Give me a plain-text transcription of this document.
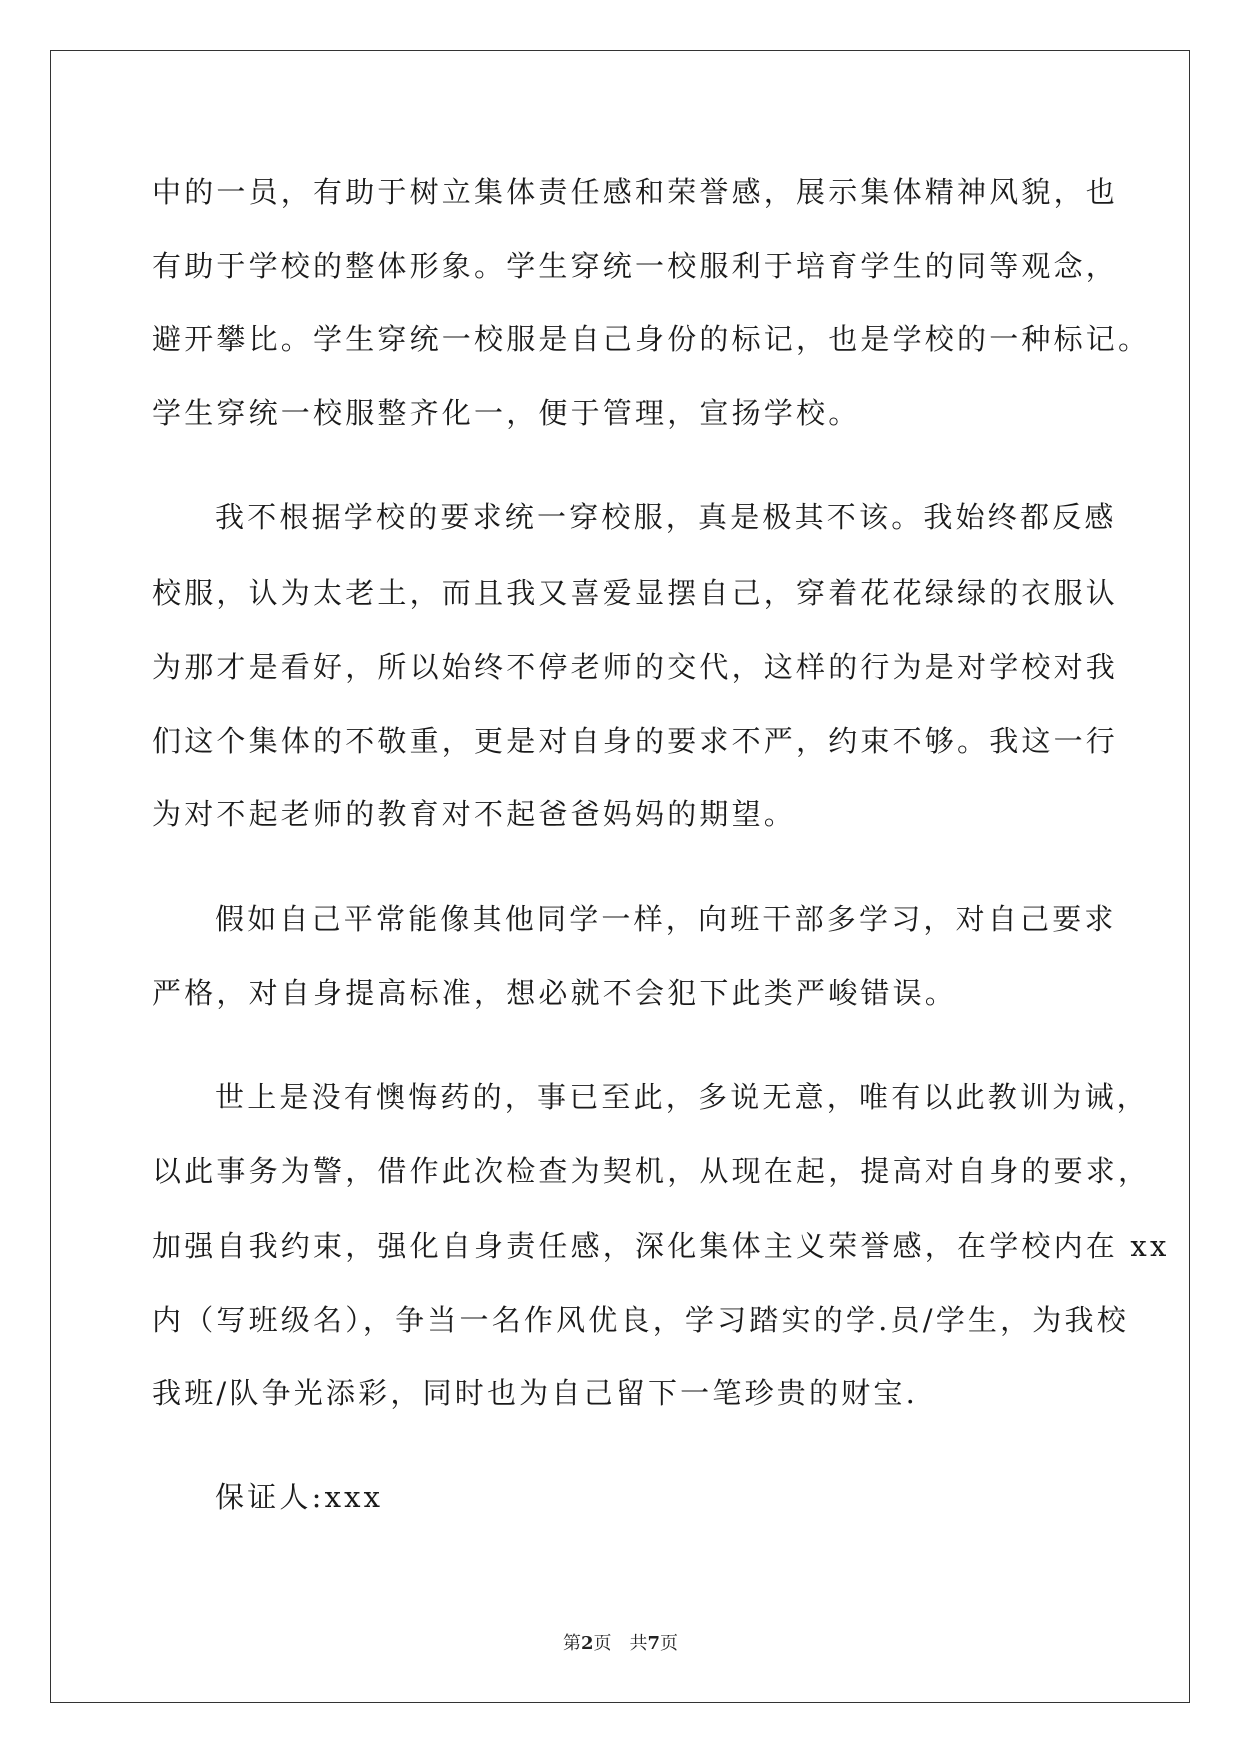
中的一员，有助于树立集体责任感和荣誉感，展示集体精神风貌，也
有助于学校的整体形象。学生穿统一校服利于培育学生的同等观念，
避开攀比。学生穿统一校服是自己身份的标记，也是学校的一种标记。
学生穿统一校服整齐化一，便于管理，宣扬学校。
我不根据学校的要求统一穿校服，真是极其不该。我始终都反感
校服，认为太老土，而且我又喜爱显摆自己，穿着花花绿绿的衣服认
为那才是看好，所以始终不停老师的交代，这样的行为是对学校对我
们这个集体的不敬重，更是对自身的要求不严，约束不够。我这一行
为对不起老师的教育对不起爸爸妈妈的期望。
假如自己平常能像其他同学一样，向班干部多学习，对自己要求
严格，对自身提高标准，想必就不会犯下此类严峻错误。
世上是没有懊悔药的，事已至此，多说无意，唯有以此教训为诫，
以此事务为警，借作此次检查为契机，从现在起，提高对自身的要求，
加强自我约束，强化自身责任感，深化集体主义荣誉感，在学校内在 xx
内（写班级名），争当一名作风优良，学习踏实的学.员/学生，为我校
我班/队争光添彩，同时也为自己留下一笔珍贵的财宝.
保证人:xxx
第2页　共7页
